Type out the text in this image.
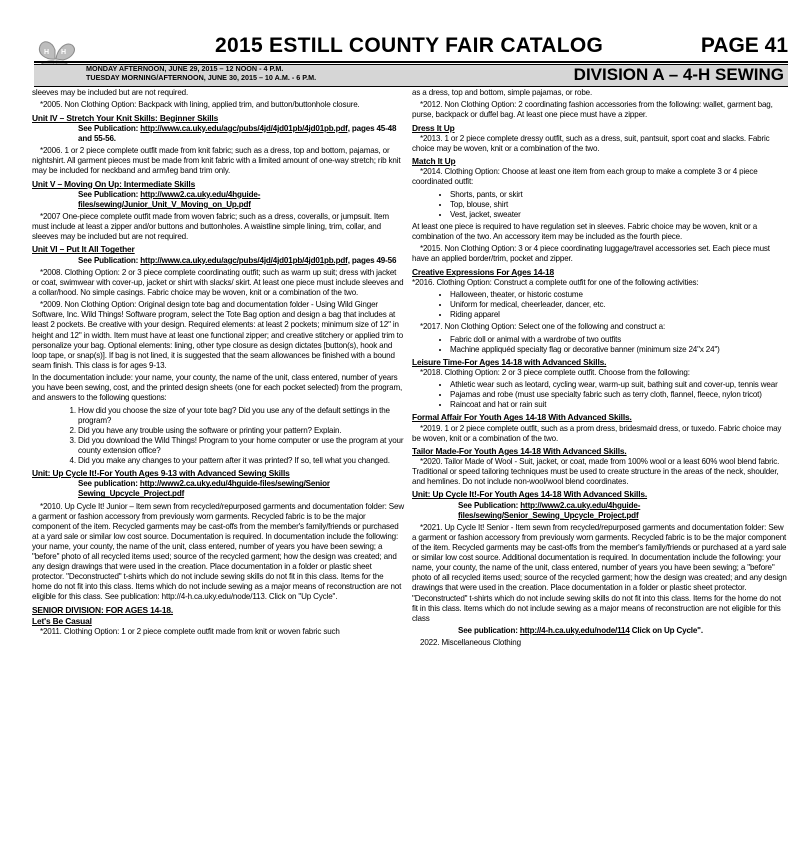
H H	2015 ESTILL COUNTY FAIR CATALOG	PAGE 41
MONDAY AFTERNOON, JUNE 29, 2015 – 12 NOON - 4 P.M.
TUESDAY MORNING/AFTERNOON, JUNE 30, 2015 – 10 A.M. - 6 P.M.	DIVISION A – 4-H SEWING

sleeves may be included but are not required.

*2005. Non Clothing Option: Backpack with lining, applied trim, and button/buttonhole closure.

Unit IV – Stretch Your Knit Skills: Beginner Skills

See Publication: http://www.ca.uky.edu/agc/pubs/4jd/4jd01pb/4jd01pb.pdf, pages 45-48 and 55-56.

*2006. 1 or 2 piece complete outfit made from knit fabric; such as a dress, top and bottom, pajamas, or nightshirt. All garment pieces must be made from knit fabric with a limited amount of one-way stretch; rib knit may be included for neckband and arm/leg band trim only.

Unit V – Moving On Up: Intermediate Skills

See Publication: http://www2.ca.uky.edu/4hguide-files/sewing/Junior_Unit_V_Moving_on_Up.pdf

*2007 One-piece complete outfit made from woven fabric; such as a dress, coveralls, or jumpsuit. Item must include at least a zipper and/or buttons and buttonholes. A waistline simple lining, trim, collar, and sleeves may be included but are not required.

Unit VI – Put It All Together

See Publication: http://www.ca.uky.edu/agc/pubs/4jd/4jd01pb/4jd01pb.pdf, pages 49-56

*2008. Clothing Option: 2 or 3 piece complete coordinating outfit; such as warm up suit; dress with jacket or coat, swimwear with cover-up, jacket or shirt with slacks/ skirt. At least one piece must include sleeves and a collar/hood. No simple casings. Fabric choice may be woven, knit or a combination of the two.

*2009. Non Clothing Option: Original design tote bag and documentation folder - Using Wild Ginger Software, Inc. Wild Things! Software program, select the Tote Bag option and design a bag that includes at least 2 pockets. Be creative with your design. Required elements: at least 2 pockets; minimum size of 12" in height and 12" in width. Item must have at least one functional zipper; and creative stitchery or applied trim to personalize your bag. Optional elements: lining, other type closure as design dictates [button(s), hook and loop tape, or snap(s)]. If bag is not lined, it is suggested that the seam allowances be finished with a bound seam finish. This class is for ages 9-13.

In the documentation include: your name, your county, the name of the unit, class entered, number of years you have been sewing, cost, and the printed design sheets (one for each pocket selected) from the program, and answers to the following questions:

1. How did you choose the size of your tote bag? Did you use any of the default settings in the program?
2. Did you have any trouble using the software or printing your pattern? Explain.
3. Did you download the Wild Things! Program to your home computer or use the program at your county extension office?
4. Did you make any changes to your pattern after it was printed? If so, tell what you changed.
Unit: Up Cycle It!-For Youth Ages 9-13 with Advanced Sewing Skills

See publication: http://www2.ca.uky.edu/4hguide-files/sewing/Senior Sewing_Upcycle_Project.pdf

*2010. Up Cycle It! Junior – Item sewn from recycled/repurposed garments and documentation folder: Sew a garment or fashion accessory from previously worn garments. Recycled fabric is to be the major component of the item. Recycled garments may be cast-offs from the member's family/friends or purchased at a yard sale or similar low cost source. Documentation is required. In documentation include the following: your name, your county, the name of the unit, class entered, number of years you have been sewing; a "before" photo of all recycled items used; source of the recycled garment; how the design was created; and any design drawings that were used in the creation. Place documentation in a folder or plastic sheet protector. "Deconstructed" t-shirts which do not include sewing skills do not fit in this class. Items for the home do not fit into this class. Items which do not include sewing as a major means of reconstruction are not eligible for this class. See publication: http://4-h.ca.uky.edu/node/113. Click on "Up Cycle".

SENIOR DIVISION: FOR AGES 14-18.
Let's Be Casual

*2011. Clothing Option: 1 or 2 piece complete outfit made from knit or woven fabric such

as a dress, top and bottom, simple pajamas, or robe.

*2012. Non Clothing Option: 2 coordinating fashion accessories from the following: wallet, garment bag, purse, backpack or duffel bag. At least one piece must have a zipper.

Dress It Up

*2013. 1 or 2 piece complete dressy outfit, such as a dress, suit, pantsuit, sport coat and slacks. Fabric choice may be woven, knit or a combination of the two.

Match It Up

*2014. Clothing Option: Choose at least one item from each group to make a complete 3 or 4 piece coordinated outfit:

• Shorts, pants, or skirt
• Top, blouse, shirt
• Vest, jacket, sweater

At least one piece is required to have regulation set in sleeves. Fabric choice may be woven, knit or a combination of the two. An accessory item may be included as the fourth piece.

*2015. Non Clothing Option: 3 or 4 piece coordinating luggage/travel accessories set. Each piece must have an applied border/trim, pocket and zipper.

Creative Expressions For Ages 14-18

*2016. Clothing Option: Construct a complete outfit for one of the following activities:

• Halloween, theater, or historic costume
• Uniform for medical, cheerleader, dancer, etc.
• Riding apparel

*2017. Non Clothing Option: Select one of the following and construct a:

• Fabric doll or animal with a wardrobe of two outfits
• Machine appliquéd specialty flag or decorative banner (minimum size 24"x 24")
Leisure Time-For Ages 14-18 with Advanced Skills.

*2018. Clothing Option: 2 or 3 piece complete outfit. Choose from the following:

• Athletic wear such as leotard, cycling wear, warm-up suit, bathing suit and cover-up, tennis wear
• Pajamas and robe (must use specialty fabric such as terry cloth, flannel, fleece, nylon tricot)
• Raincoat and hat or rain suit
Formal Affair For Youth Ages 14-18 With Advanced Skills.

*2019. 1 or 2 piece complete outfit, such as a prom dress, bridesmaid dress, or tuxedo. Fabric choice may be woven, knit or a combination of the two.

Tailor Made-For Youth Ages 14-18 With Advanced Skills.

*2020. Tailor Made of Wool - Suit, jacket, or coat, made from 100% wool or a least 60% wool blend fabric. Traditional or speed tailoring techniques must be used to create structure in the areas of the neck, shoulder, and hemlines. Do not include non-wool/wool blend coordinates.

Unit: Up Cycle It!-For Youth Ages 14-18 With Advanced Skills.

See Publication: http://www2.ca.uky.edu/4hguide-files/sewing/Senior_Sewing_Upcycle_Project.pdf

*2021. Up Cycle It! Senior - Item sewn from recycled/repurposed garments and documentation folder: Sew a garment or fashion accessory from previously worn garments. Recycled fabric is to be the major component of the item. Recycled garments may be cast-offs from the member's family/friends or purchased at a yard sale or similar low cost source. Additional documentation is required. In documentation include the following: your name, your county, the name of the unit, class entered, number of years you have been sewing; a "before" photo of all recycled items used; source of the recycled garment; how the design was created; and any design drawings that were used in the creation. Place documentation in a folder or plastic sheet protector. "Deconstructed" t-shirts which do not include sewing skills do not fit into this class. Items for the home do not fit in this class. Items which do not include sewing as a major means of reconstruction are not eligible for this class

See publication: http://4-h.ca.uky.edu/node/114 Click on Up Cycle".

2022. Miscellaneous Clothing
